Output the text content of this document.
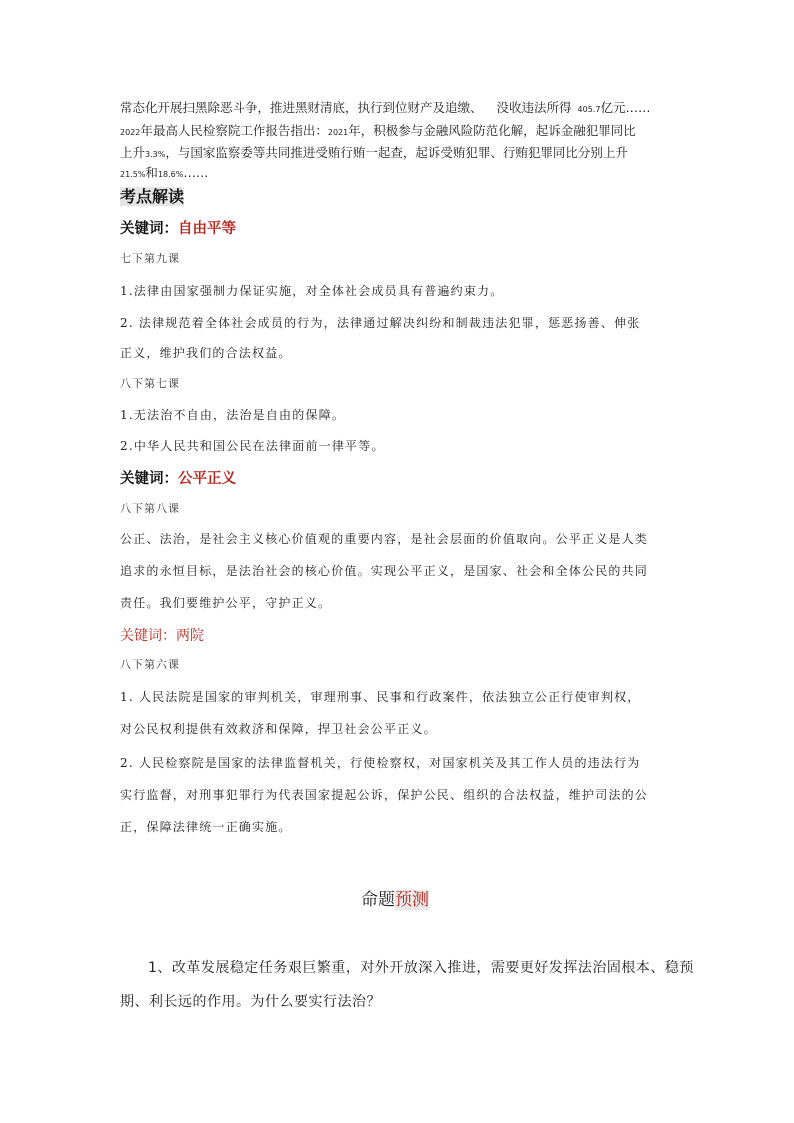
常态化开展扫黑除恶斗争，推进黑财清底，执行到位财产及追缴、 没收违法所得 405.7亿元……
2022年最高人民检察院工作报告指出：2021年，积极参与金融风险防范化解，起诉金融犯罪同比
上升3.3%，与国家监察委等共同推进受贿行贿一起查，起诉受贿犯罪、行贿犯罪同比分别上升
21.5%和18.6%……
考点解读
关键词：自由平等
七下第九课
1.法律由国家强制力保证实施，对全体社会成员具有普遍约束力。
2. 法律规范着全体社会成员的行为，法律通过解决纠纷和制裁违法犯罪，惩恶扬善、伸张
正义，维护我们的合法权益。
八下第七课
1.无法治不自由，法治是自由的保障。
2.中华人民共和国公民在法律面前一律平等。
关键词：公平正义
八下第八课
公正、法治，是社会主义核心价值观的重要内容，是社会层面的价值取向。公平正义是人类
追求的永恒目标，是法治社会的核心价值。实现公平正义，是国家、社会和全体公民的共同
责任。我们要维护公平，守护正义。
关键词：两院
八下第六课
1. 人民法院是国家的审判机关，审理刑事、民事和行政案件，依法独立公正行使审判权，
对公民权利提供有效救济和保障，捍卫社会公平正义。
2. 人民检察院是国家的法律监督机关，行使检察权，对国家机关及其工作人员的违法行为
实行监督，对刑事犯罪行为代表国家提起公诉，保护公民、组织的合法权益，维护司法的公
正，保障法律统一正确实施。
命题预测
1、改革发展稳定任务艰巨繁重，对外开放深入推进，需要更好发挥法治固根本、稳预
期、利长远的作用。为什么要实行法治？
